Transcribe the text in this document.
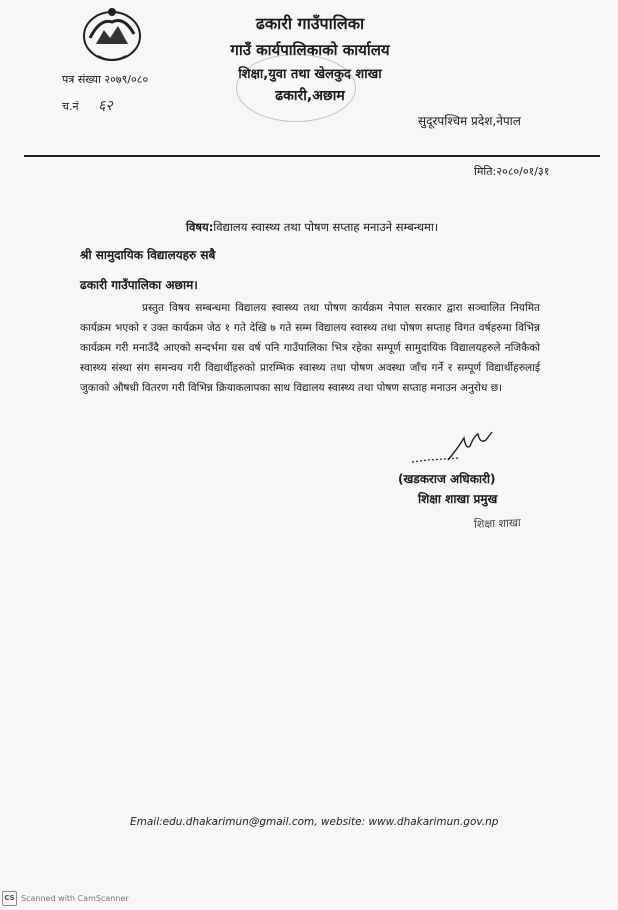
ढकारी गाउँपालिका
गाउँ कार्यपालिकाको कार्यालय
शिक्षा,युवा तथा खेलकुद शाखा
ढकारी,अछाम
पत्र संख्या २०७९/०८०
च.नं ६२
सुदूरपश्चिम प्रदेश,नेपाल
मिति:२०८०/०१/३१
विषय:विद्यालय स्वास्थ्य तथा पोषण सप्ताह मनाउने सम्बन्धमा।
श्री सामुदायिक विद्यालयहरु सबै
ढकारी गाउँपालिका अछाम।
प्रस्तुत विषय सम्बन्धमा विद्यालय स्वास्थ्य तथा पोषण कार्यक्रम नेपाल सरकार द्वारा सञ्चालित नियमित कार्यक्रम भएको र उक्त कार्यक्रम जेठ १ गते देखि ७ गते सम्म विद्यालय स्वास्थ्य तथा पोषण सप्ताह विगत वर्षहरुमा विभिन्न कार्यक्रम गरी मनाउँदै आएको सन्दर्भमा यस वर्ष पनि गाउँपालिका भित्र रहेका सम्पूर्ण सामुदायिक विद्यालयहरुले नजिकैको स्वास्थ्य संस्था संग समन्वय गरी विद्यार्थीहरुको प्रारम्भिक स्वास्थ्य तथा पोषण अवस्था जाँच गर्ने र सम्पूर्ण विद्यार्थीहरुलाई जुकाको औषधी वितरण गरी विभिन्न क्रियाकलापका साथ विद्यालय स्वास्थ्य तथा पोषण सप्ताह मनाउन अनुरोध छ।
(खडकराज अधिकारी)
शिक्षा शाखा प्रमुख
शिक्षा शाखा
Email:edu.dhakarimun@gmail.com, website: www.dhakarimun.gov.np
CS Scanned with CamScanner
